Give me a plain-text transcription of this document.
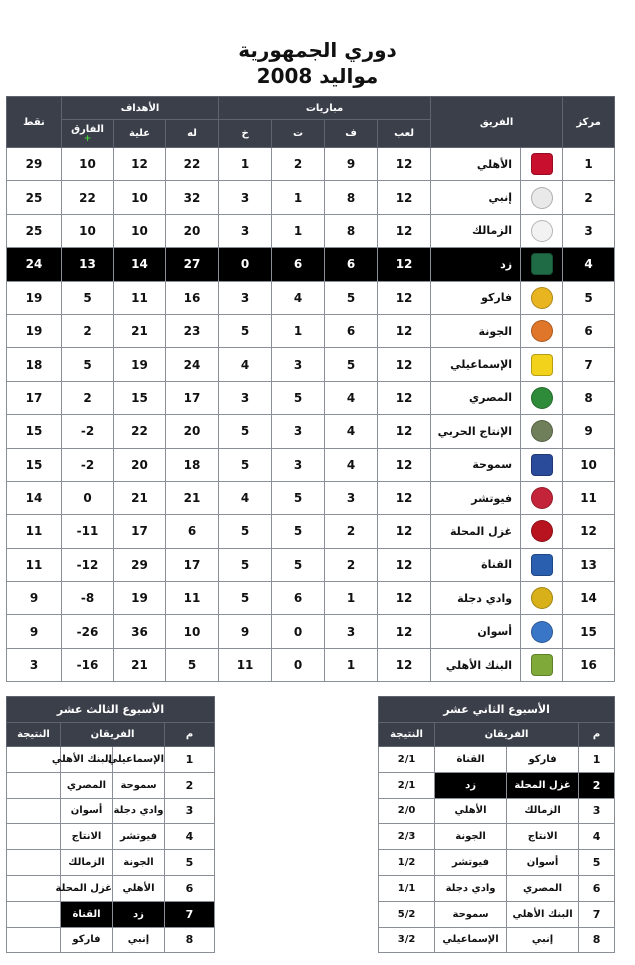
دوري الجمهورية
مواليد 2008
مركز	الفريق		مباريات				الأهداف			نقط
			لعب	ف	ت	خ	له	علية	الفارق
+	

1		الأهلي	12	9	2	1	22	12	10	29
2		إنبي	12	8	1	3	32	10	22	25
3		الزمالك	12	8	1	3	20	10	10	25
4		زد	12	6	6	0	27	14	13	24
5		فاركو	12	5	4	3	16	11	5	19
6		الجونة	12	6	1	5	23	21	2	19
7		الإسماعيلي	12	5	3	4	24	19	5	18
8		المصري	12	4	5	3	17	15	2	17
9		الإنتاج الحربي	12	4	3	5	20	22	2-	15
10		سموحة	12	4	3	5	18	20	2-	15
11		فيوتشر	12	3	5	4	21	21	0	14
12		غزل المحلة	12	2	5	5	6	17	11-	11
13		القناة	12	2	5	5	17	29	12-	11
14		وادي دجلة	12	1	6	5	11	19	8-	9
15		أسوان	12	3	0	9	10	36	26-	9
16		البنك الأهلي	12	1	0	11	5	21	16-	3
الأسبوع الثاني عشر			
م	الفريقان		النتيجة
1	فاركو	القناة	2/1
2	غزل المحلة	زد	2/1
3	الزمالك	الأهلي	2/0
4	الانتاج	الجونة	2/3
5	أسوان	فيوتشر	1/2
6	المصري	وادي دجلة	1/1
7	البنك الأهلي	سموحة	5/2
8	إنبي	الإسماعيلي	3/2
الأسبوع الثالث عشر			
م	الفريقان		النتيجة
1	الإسماعيلي	البنك الأهلي	
2	سموحة	المصري	
3	وادي دجلة	أسوان	
4	فيوتشر	الانتاج	
5	الجونة	الزمالك	
6	الأهلي	غزل المحلة	
7	زد	القناة	
8	إنبي	فاركو	
